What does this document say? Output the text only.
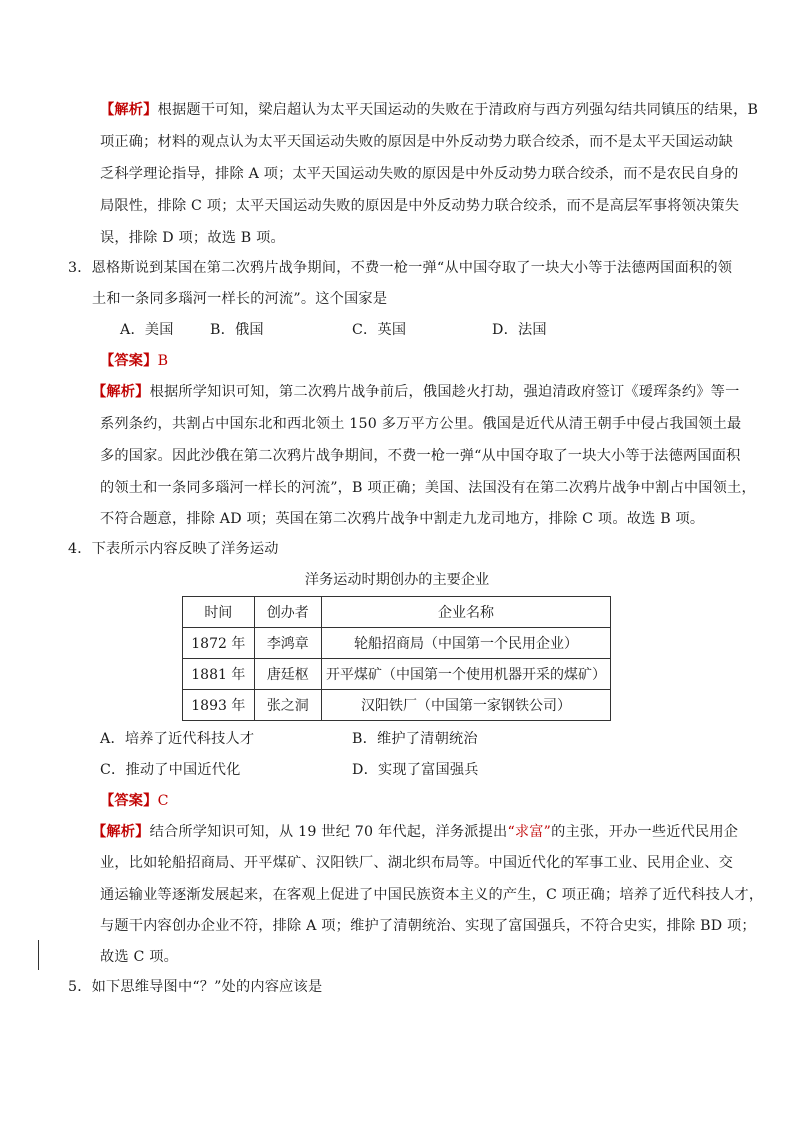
【解析】根据题干可知，梁启超认为太平天国运动的失败在于清政府与西方列强勾结共同镇压的结果，B
项正确；材料的观点认为太平天国运动失败的原因是中外反动势力联合绞杀，而不是太平天国运动缺
乏科学理论指导，排除 A 项；太平天国运动失败的原因是中外反动势力联合绞杀，而不是农民自身的
局限性，排除 C 项；太平天国运动失败的原因是中外反动势力联合绞杀，而不是高层军事将领决策失
误，排除 D 项；故选 B 项。
3．恩格斯说到某国在第二次鸦片战争期间，不费一枪一弹“从中国夺取了一块大小等于法德两国面积的领
土和一条同多瑙河一样长的河流”。这个国家是
A．美国	B．俄国	C．英国	D．法国
【答案】B
【解析】根据所学知识可知，第二次鸦片战争前后，俄国趁火打劫，强迫清政府签订《瑷珲条约》等一
系列条约，共割占中国东北和西北领土 150 多万平方公里。俄国是近代从清王朝手中侵占我国领土最
多的国家。因此沙俄在第二次鸦片战争期间，不费一枪一弹“从中国夺取了一块大小等于法德两国面积
的领土和一条同多瑙河一样长的河流”，B 项正确；美国、法国没有在第二次鸦片战争中割占中国领土，
不符合题意，排除 AD 项；英国在第二次鸦片战争中割走九龙司地方，排除 C 项。故选 B 项。
4．下表所示内容反映了洋务运动
洋务运动时期创办的主要企业
时间	创办者	企业名称
1872 年	李鸿章	轮船招商局（中国第一个民用企业）
1881 年	唐廷枢	开平煤矿（中国第一个使用机器开采的煤矿）
1893 年	张之洞	汉阳铁厂（中国第一家钢铁公司）
A．培养了近代科技人才	B．维护了清朝统治
C．推动了中国近代化	D．实现了富国强兵
【答案】C
【解析】结合所学知识可知，从 19 世纪 70 年代起，洋务派提出“求富”的主张，开办一些近代民用企
业，比如轮船招商局、开平煤矿、汉阳铁厂、湖北织布局等。中国近代化的军事工业、民用企业、交
通运输业等逐渐发展起来，在客观上促进了中国民族资本主义的产生，C 项正确；培养了近代科技人才，
与题干内容创办企业不符，排除 A 项；维护了清朝统治、实现了富国强兵，不符合史实，排除 BD 项；
故选 C 项。
5．如下思维导图中“？”处的内容应该是
